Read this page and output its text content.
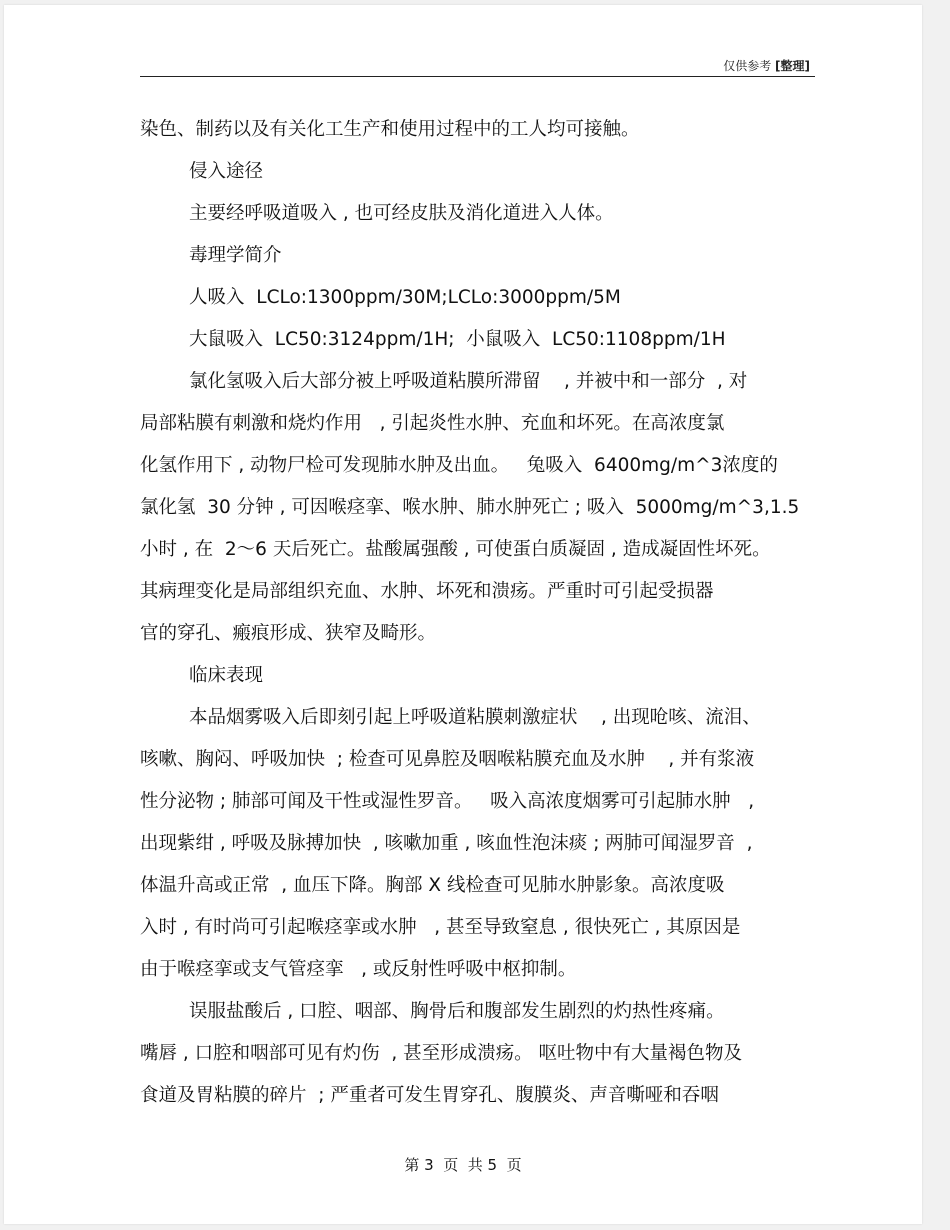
仅供参考 [整理]
染色、制药以及有关化工生产和使用过程中的工人均可接触。
侵入途径
主要经呼吸道吸入 , 也可经皮肤及消化道进入人体。
毒理学简介
人吸入  LCLo:1300ppm/30M;LCLo:3000ppm/5M
大鼠吸入  LC50:3124ppm/1H;  小鼠吸入  LC50:1108ppm/1H
氯化氢吸入后大部分被上呼吸道粘膜所滞留    , 并被中和一部分  , 对
局部粘膜有刺激和烧灼作用   , 引起炎性水肿、充血和坏死。在高浓度氯
化氢作用下 , 动物尸检可发现肺水肿及出血。   兔吸入  6400mg/m^3浓度的
氯化氢  30 分钟 , 可因喉痉挛、喉水肿、肺水肿死亡 ; 吸入  5000mg/m^3,1.5
小时 , 在  2～6 天后死亡。盐酸属强酸 , 可使蛋白质凝固 , 造成凝固性坏死。
其病理变化是局部组织充血、水肿、坏死和溃疡。严重时可引起受损器
官的穿孔、瘢痕形成、狭窄及畸形。
临床表现
本品烟雾吸入后即刻引起上呼吸道粘膜刺激症状    , 出现呛咳、流泪、
咳嗽、胸闷、呼吸加快  ; 检查可见鼻腔及咽喉粘膜充血及水肿    , 并有浆液
性分泌物 ; 肺部可闻及干性或湿性罗音。   吸入高浓度烟雾可引起肺水肿   ,
出现紫绀 , 呼吸及脉搏加快  , 咳嗽加重 , 咳血性泡沫痰 ; 两肺可闻湿罗音  ,
体温升高或正常  , 血压下降。胸部 X 线检查可见肺水肿影象。高浓度吸
入时 , 有时尚可引起喉痉挛或水肿   , 甚至导致窒息 , 很快死亡 , 其原因是
由于喉痉挛或支气管痉挛   , 或反射性呼吸中枢抑制。
误服盐酸后 , 口腔、咽部、胸骨后和腹部发生剧烈的灼热性疼痛。
嘴唇 , 口腔和咽部可见有灼伤  , 甚至形成溃疡。 呕吐物中有大量褐色物及
食道及胃粘膜的碎片  ; 严重者可发生胃穿孔、腹膜炎、声音嘶哑和吞咽
第 3  页  共 5  页
